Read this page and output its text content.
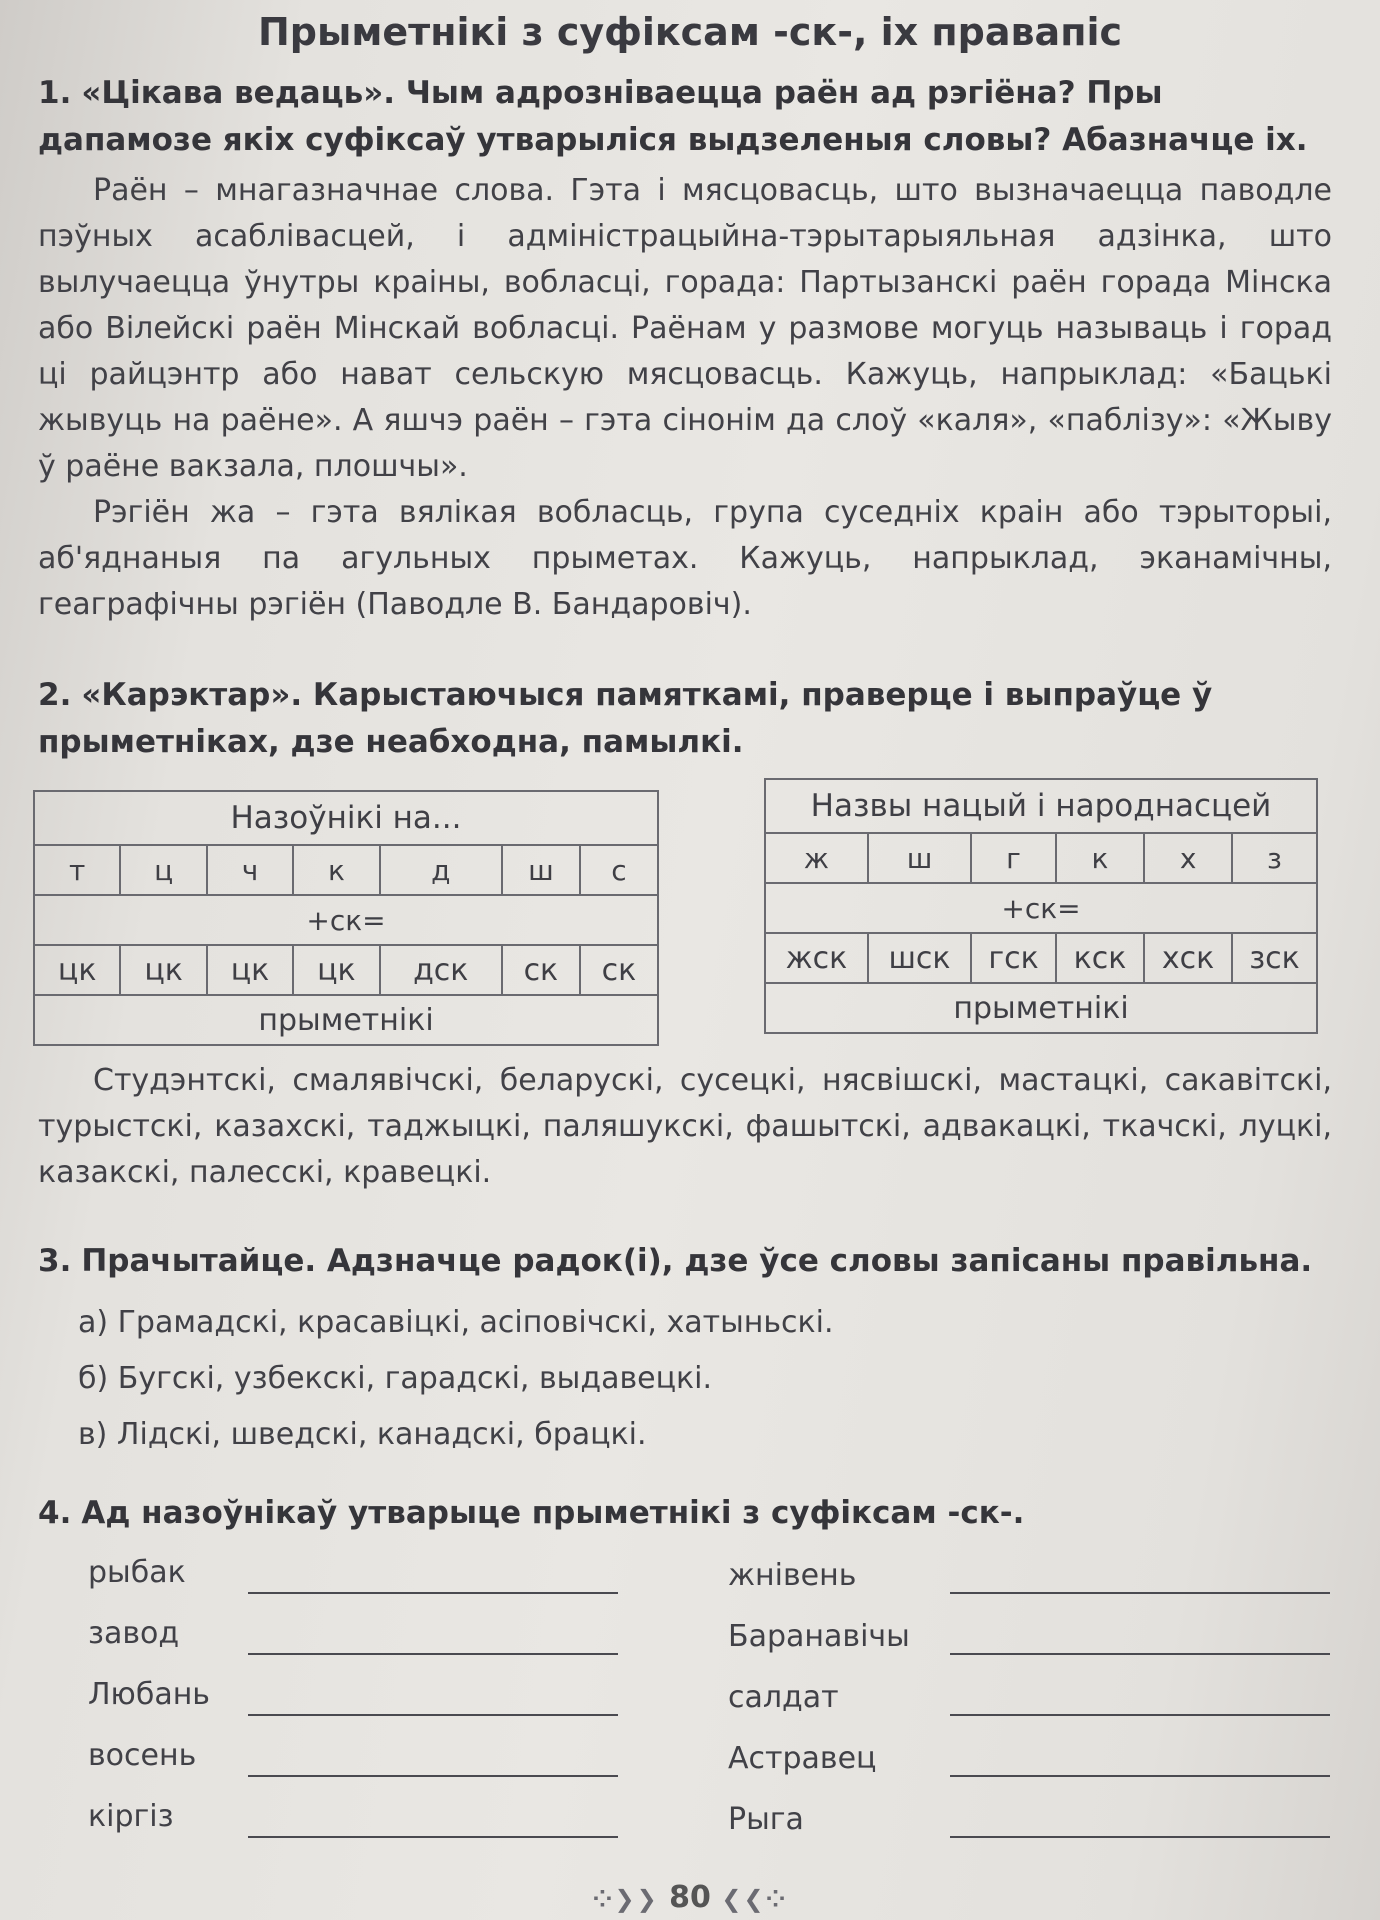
Прыметнікі з суфіксам -ск-, іх правапіс
1. «Цікава ведаць». Чым адрозніваецца раён ад рэгіёна? Пры дапамозе якіх суфіксаў утварыліся выдзеленыя словы? Абазначце іх.

Раён – мнагазначнае слова. Гэта і мясцовасць, што вызначаецца паводле пэўных асаблівасцей, і адміністрацыйна-тэрытарыяльная адзінка, што вылучаецца ўнутры краіны, вобласці, горада: Партызанскі раён горада Мінска або Вілейскі раён Мінскай вобласці. Раёнам у размове могуць называць і горад ці райцэнтр або нават сельскую мясцовасць. Кажуць, напрыклад: «Бацькі жывуць на раёне». А яшчэ раён – гэта сінонім да слоў «каля», «паблізу»: «Жыву ў раёне вакзала, плошчы».

Рэгіён жа – гэта вялікая вобласць, група суседніх краін або тэрыторыі, аб'яднаныя па агульных прыметах. Кажуць, напрыклад, эканамічны, геаграфічны рэгіён (Паводле В. Бандаровіч).

2. «Карэктар». Карыстаючыся памяткамі, праверце і выпраўце ў прыметніках, дзе неабходна, памылкі.
Назоўнікі на...						
т	ц	ч	к	д	ш	с
+ск=						
цк	цк	цк	цк	дск	ск	ск
прыметнікі						
Назвы нацый і народнасцей					
ж	ш	г	к	х	з
+ск=					
жск	шск	гск	кск	хск	зск
прыметнікі					

Студэнтскі, смалявічскі, беларускі, сусецкі, нясвішскі, мастацкі, сакавітскі, турыстскі, казахскі, таджыцкі, паляшукскі, фашытскі, адвакацкі, ткачскі, луцкі, казакскі, палесскі, кравецкі.

3. Прачытайце. Адзначце радок(і), дзе ўсе словы запісаны правільна.
а) Грамадскі, красавіцкі, асіповічскі, хатыньскі.
б) Бугскі, узбекскі, гарадскі, выдавецкі.
в) Лідскі, шведскі, канадскі, брацкі.
4. Ад назоўнікаў утварыце прыметнікі з суфіксам -ск-.
рыбак
завод
Любань
восень
кіргіз
жнівень
Баранавічы
салдат
Астравец
Рыга
⁘❯❯ 80 ❮❮⁘
